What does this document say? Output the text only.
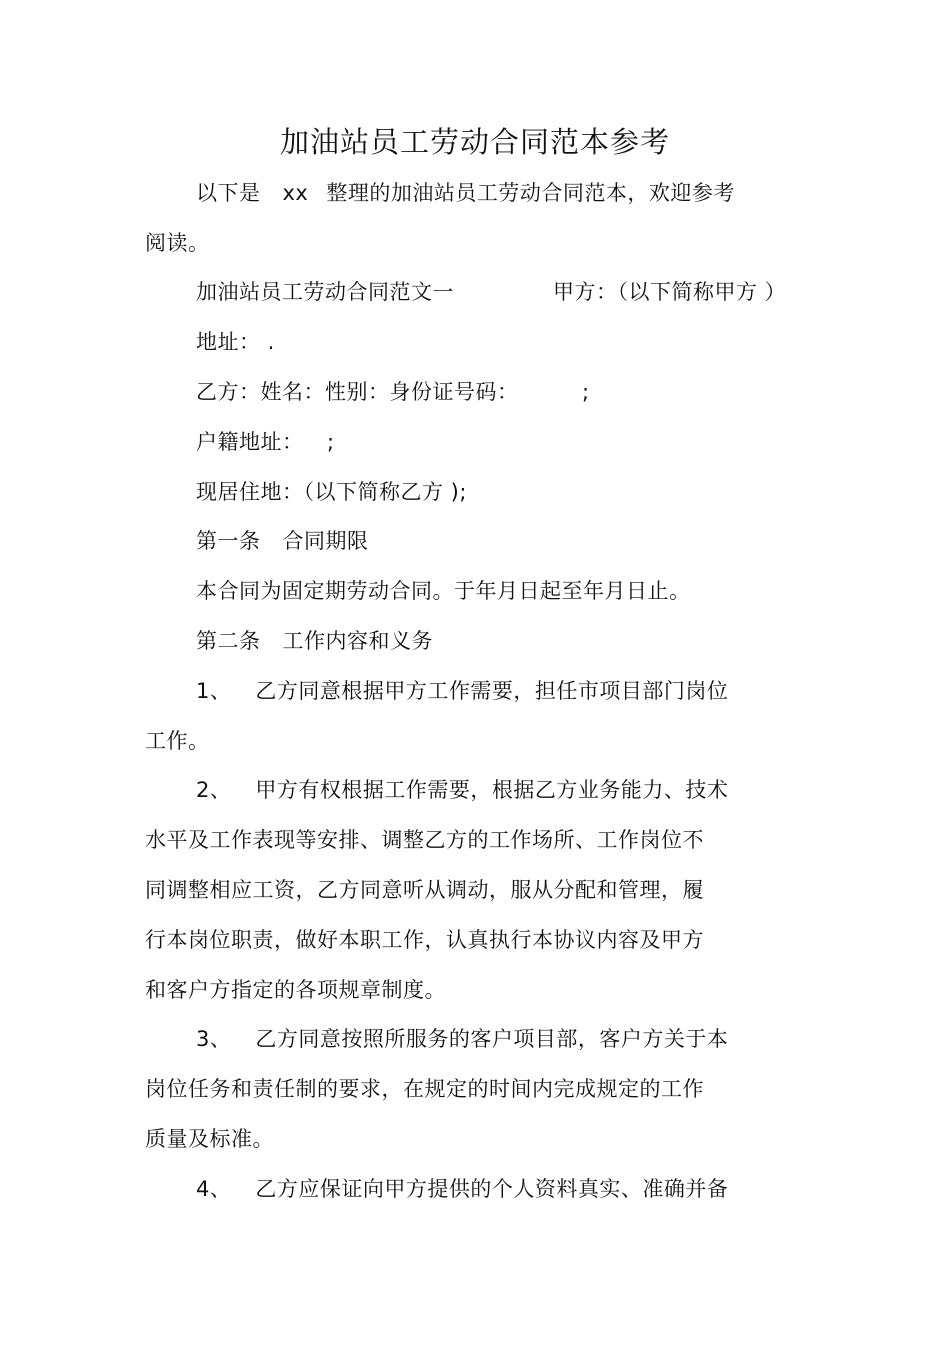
加油站员工劳动合同范本参考
以下是 xx 整理的加油站员工劳动合同范本，欢迎参考
阅读。
加油站员工劳动合同范文一	甲方：（以下简称甲方 ）
地址： .
乙方：姓名：性别：身份证号码：	;
户籍地址： ;
现居住地：（以下简称乙方 );
第一条 合同期限
本合同为固定期劳动合同。于年月日起至年月日止。
第二条 工作内容和义务
1、 乙方同意根据甲方工作需要，担任市项目部门岗位
工作。
2、 甲方有权根据工作需要，根据乙方业务能力、技术
水平及工作表现等安排、调整乙方的工作场所、工作岗位不
同调整相应工资，乙方同意听从调动，服从分配和管理，履
行本岗位职责，做好本职工作，认真执行本协议内容及甲方
和客户方指定的各项规章制度。
3、 乙方同意按照所服务的客户项目部，客户方关于本
岗位任务和责任制的要求，在规定的时间内完成规定的工作
质量及标准。
4、 乙方应保证向甲方提供的个人资料真实、准确并备
